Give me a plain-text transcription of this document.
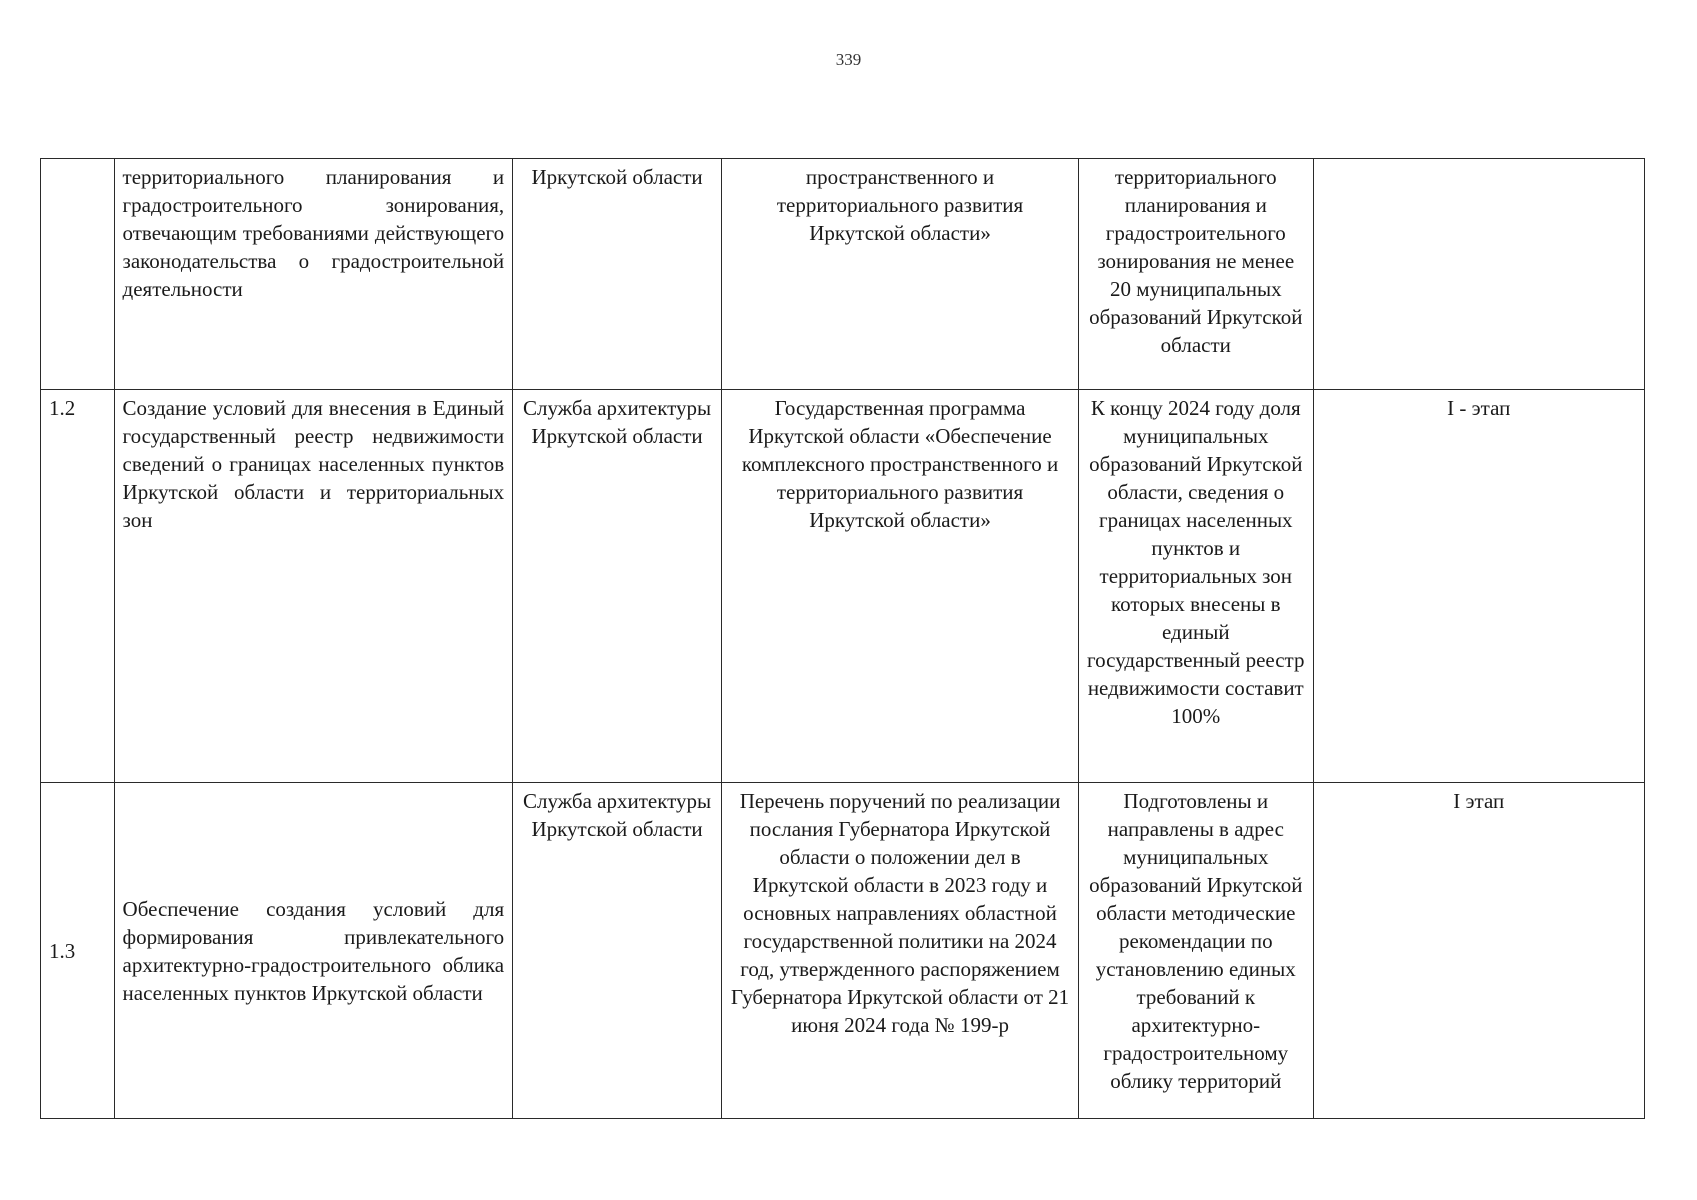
339
	территориального планирования и градостроительного зонирования, отвечающим требованиями действующего законодательства о градостроительной деятельности	Иркутской области	пространственного и территориального развития Иркутской области»	территориального планирования и градостроительного зонирования не менее 20 муниципальных образований Иркутской области	
1.2	Создание условий для внесения в Единый государственный реестр недвижимости сведений о границах населенных пунктов Иркутской области и территориальных зон	Служба архитектуры Иркутской области	Государственная программа Иркутской области «Обеспечение комплексного пространственного и территориального развития Иркутской области»	К концу 2024 году доля муниципальных образований Иркутской области, сведения о границах населенных пунктов и территориальных зон которых внесены в единый государственный реестр недвижимости составит 100%	I - этап
1.3	Обеспечение создания условий для формирования привлекательного архитектурно-градостроительного облика населенных пунктов Иркутской области	Служба архитектуры Иркутской области	Перечень поручений по реализации послания Губернатора Иркутской области о положении дел в Иркутской области в 2023 году и основных направлениях областной государственной политики на 2024 год, утвержденного распоряжением Губернатора Иркутской области от 21 июня 2024 года № 199-р	Подготовлены и направлены в адрес муниципальных образований Иркутской области методические рекомендации по установлению единых требований к архитектурно-градостроительному облику территорий	I этап
